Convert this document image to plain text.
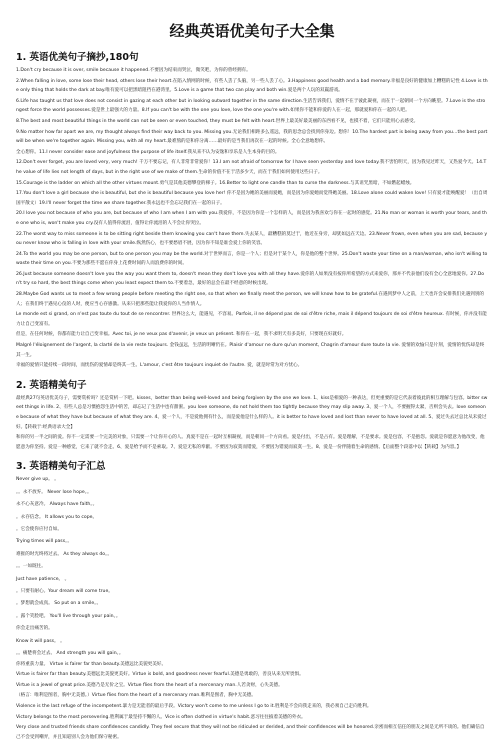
经典英语优美句子大全集
1. 英语优美句子摘抄,180句
1.Don't cry because it is over, smile because it happened.不要因为结束而哭泣，微笑吧，为你的曾经拥有。
2.When falling in love, some lose their head, others lose their heart.在陷入情网的时候，有些人丢了头脑，另一些人丢了心。3.Happiness good health and a bad memory.幸福是良好的健康加上糟糕的记性 4.Love is the only thing that holds the dark at bay.唯有爱可以把黑暗阻挡在港湾里。5.Love is a game that two can play and both win.爱是两个人玩的双赢游戏。
6.Life has taught us that love does not consist in gazing at each other but in looking outward together in the same direction.生活告诉我们，爱情不在于彼此凝视，而在于一起朝同一个方向眺望。7.Love is the strongest force the world possesses.爱是世上最强大的力量。8.If you can't be with the one you love, love the one you're with.如果你不能和你爱的人在一起，那就爱和你在一起的人吧。
8.The best and most beautiful things in the world can not be seen or even touched, they must be felt with heart.世界上最美好最美丽的东西看不见，也摸不着，它们只能用心去感受。
9.No matter how far apart we are, my thought always find their way back to you. Missing you.无论我们相距多么遥远，我的思念总会找到你身边。想你！10.The hardest part is being away from you…the best part will be when we're together again. Missing you, with all my heart.最难熬的是和你分离……最好的是当我们再次在一起的时候。全心全意地想你。
全心想你。11.I never consider ease and joyfulness the purpose of life itself.我从来不认为安逸和享乐是人生本身的目的。
12.Don't ever forget, you are loved very, very much! 千万不要忘记，有人非常非常爱你！13.I am not afraid of tomorrow for I have seen yesterday and love today.我不害怕明天，因为我见过昨天，又热爱今天。14.The value of life lies not length of days, but in the right use of we make of them.生命的价值不在于活多少天，而在于我们如何使用这些日子。
15.Courage is the ladder on which all the other virtues mount.勇气是其他美德攀登的梯子。16.Better to light one candle than to curse the darkness.与其诅咒黑暗，不如燃起蜡烛。
17.You don't love a girl because she is beautiful, but she is beautiful because you love her! 你不是因为她的美丽而爱她，而是因为你爱她而觉得她美丽。18.Love alone could waken love! 只有爱才能唤醒爱！（出自周国平散文）19.I'll never forget the time we share together.我永远也不会忘记我们在一起的日子。
20.I love you not because of who you are, but because of who I am when I am with you.我爱你，不是因为你是一个怎样的人，而是因为我喜欢与你在一起时的感觉。21.No man or woman is worth your tears, and the one who is, won't make you cry.没有人值得你流泪，值得让你流泪的人不会让你哭泣。
22.The worst way to miss someone is to be sitting right beside them knowing you can't have them.失去某人，最糟糕的莫过于，他近在身旁，却犹如远在天边。23.Never frown, even when you are sad, because you never know who is falling in love with your smile.纵然伤心，也不要愁眉不展，因为你不知是谁会爱上你的笑容。
24.To the world you may be one person, but to one person you may be the world.对于世界而言，你是一个人；但是对于某个人，你是他的整个世界。25.Don't waste your time on a man/woman, who isn't willing to waste their time on you.不要为那些不愿在你身上花费时间的人而浪费你的时间。
26.Just because someone doesn't love you the way you want them to, doesn't mean they don't love you with all they have.爱你的人如果没有按你所希望的方式来爱你，那并不代表他们没有全心全意地爱你。27.Don't try so hard, the best things come when you least expect them to.不要着急，最好的总会在最不经意的时候出现。
28.Maybe God wants us to meet a few wrong people before meeting the right one, so that when we finally meet the person, we will know how to be grateful.在遇到梦中人之前，上天也许会安排我们先遇到别的人；在我们终于遇见心仪的人时，便应当心存感激。从来只把那些能让我爱你的人当作情人。
Le monde est si grand, on n'est pas toute du tout de se rencontrer. 世界这么大，能遇见，不容易。Parfois, il ne dépend pas de soi d'être riche, mais il dépend toujours de soi d'être heureux. 有时候，你并没有能力让自己变富有。
但是，在任何时候，你都有能力让自己变幸福。Avec toi, je ne veux pas d'avenir, je veux un présent. 和你在一起，我不求明天有多美好，只要现在好就好。
Malgré l'éloignement de l'argent, la clarté de la vie reste toujours. 金钱虽远，生活的明晰仍在。Plaisir d'amour ne dure qu'un moment, Chagrin d'amour dure toute la vie. 爱情的欢愉只是片刻，爱情的忧伤却是终其一生。
幸福的爱情只能持续一段时间，而忧伤的爱情却是终其一生。L'amour, c'est être toujours inquiet de l'autre. 爱，就是时常为对方忧心。
2. 英语精美句子
最经典27句英语优美句子，需要赏析吗？还是赏析一下吧。kisses，better than being well-loved and being forgiven by the one we love. 1、kiss是相爱的一种表达，但更重要的是它代表着彼此的相互理解与包容。bitter sweet things in life. 2、有些人总是习惯抱怨生活中的苦，却忘记了生活中也有甜蜜。you love someone, do not hold them too tightly because they may slip away. 3、爱一个人，不要握得太紧，否则会失去。love someone because of what they have but because of what they are. 4、爱一个人，不是爱他拥有什么，而是爱他是什么样的人。it is better to have loved and lost than never to have loved at all. 5、爱过失去过总比从未爱过好。【转载于:经典语录大全】
和你的另一半之间的爱。你不一定需要一个完美的对象，只需要一个让你开心的人。真爱不是在一起时互相凝视，而是朝同一个方向看。爱是付出，不是占有。爱是理解，不是要求。爱是包容，不是抱怨。爱就是你愿意为他改变，他愿意为你坚持。爱是一种感觉，它来了就不会走。6、爱是给予而不是索取。7、爱是无私的奉献。不要因为寂寞而错爱，不要因为错爱而寂寞一生。8、爱是一份伴随着生命的感情。【后面整个段落中以【转载】为内容。】
3. 英语精美句子汇总
Never give up。 。
。。永不放弃。 Never lose hope。。
永不心灰意冷。 Always have faith。。
。永存信念。 It allows you to cope。
。它会使你应付自如。
Trying times will pass。。
难捱的时光终将过去。 As they always do。。
。。一如既往。
Just have patience。 。
。只要有耐心。Your dream will come true。
。梦想就会成真。 So put on a smile。。
。露个笑脸吧。 You'll live through your pain。。
你会走出痛苦的。
Know it will pass。 。
。。痛楚将会过去。 And strength you will gain。。
你将重获力量。 Virtue is fairer far than beauty.美德远比美貌更美好。
Virtue is fairer far than beauty.美德远比美貌更美好。Virtue is bold, and goodness never fearful.美德是勇敢的，善良从来无所畏惧。
Virtue is a jewel of great price.美德乃是无价之宝。Virtue flies from the heart of a mercenary man.人若贪财，心失美德。
（格言：唯利是图者，胸中无美德。）Virtue flies from the heart of a mercenary man.唯利是图者，胸中无美德。
Violence is the last refuge of the incompetent.暴力是无能者的最后手段。Victory won't come to me unless I go to it.胜利是不会向我走来的，我必须自己走向胜利。
Victory belongs to the most persevering.胜利属于最坚持不懈的人。Vice is often clothed in virtue's habit.恶习往往披着美德的外衣。
Very close and trusted friends share confidences candidly. They feel secure that they will not be ridiculed or derided, and their confidences will be honored.亲密而相互信任的朋友之间是无所不谈的。他们确信自己不会受到嘲弄，并且知道别人会为他们保守秘密。
